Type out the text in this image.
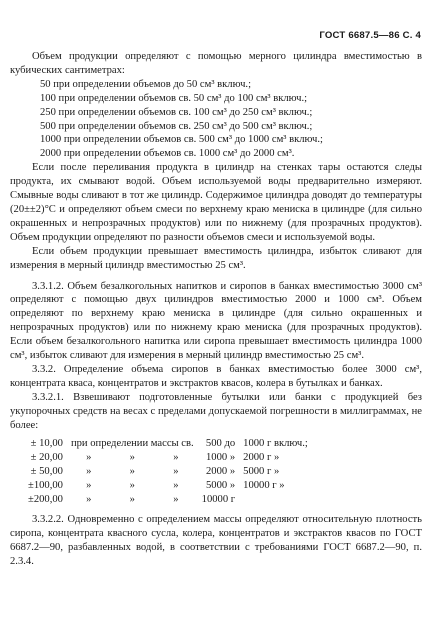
ГОСТ 6687.5—86 С. 4

Объем продукции определяют с помощью мерного цилиндра вместимостью в кубических сантиметрах:

50 при определении объемов до 50 см³ включ.;
100 при определении объемов св. 50 см³ до 100 см³ включ.;
250 при определении объемов св. 100 см³ до 250 см³ включ.;
500 при определении объемов св. 250 см³ до 500 см³ включ.;
1000 при определении объемов св. 500 см³ до 1000 см³ включ.;
2000 при определении объемов св. 1000 см³ до 2000 см³.

Если после переливания продукта в цилиндр на стенках тары остаются следы продукта, их смывают водой. Объем используемой воды предварительно измеряют. Смывные воды сливают в тот же цилиндр. Содержимое цилиндра доводят до температуры (20±±2)°С и определяют объем смеси по верхнему краю мениска в цилиндре (для сильно окрашенных и непрозрачных продуктов) или по нижнему (для прозрачных продуктов). Объем продукции определяют по разности объемов смеси и используемой воды.

Если объем продукции превышает вместимость цилиндра, избыток сливают для измерения в мерный цилиндр вместимостью 25 см³.

3.3.1.2. Объем безалкогольных напитков и сиропов в банках вместимостью 3000 см³ определяют с помощью двух цилиндров вместимостью 2000 и 1000 см³. Объем определяют по верхнему краю мениска в цилиндре (для сильно окрашенных и непрозрачных продуктов) или по нижнему краю мениска (для прозрачных продуктов). Если объем безалкогольного напитка или сиропа превышает вместимость цилиндра 1000 см³, избыток сливают для измерения в мерный цилиндр вместимостью 25 см³.

3.3.2. Определение объема сиропов в банках вместимостью более 3000 см³, концентрата кваса, концентратов и экстрактов квасов, колера в бутылках и банках.

3.3.2.1. Взвешивают подготовленные бутылки или банки с продукцией без укупорочных средств на весах с пределами допускаемой погрешности в миллиграммах, не более:

± 10,00	при определении массы св.			500 до	1000 г включ.;
± 20,00	»	»	»	1000 »	2000 г »
± 50,00	»	»	»	2000 »	5000 г »
±100,00	»	»	»	5000 »	10000 г »
±200,00	»	»	»	10000 г	

3.3.2.2. Одновременно с определением массы определяют относительную плотность сиропа, концентрата квасного сусла, колера, концентратов и экстрактов квасов по ГОСТ 6687.2—90, разбавленных водой, в соответствии с требованиями ГОСТ 6687.2—90, п. 2.3.4.
